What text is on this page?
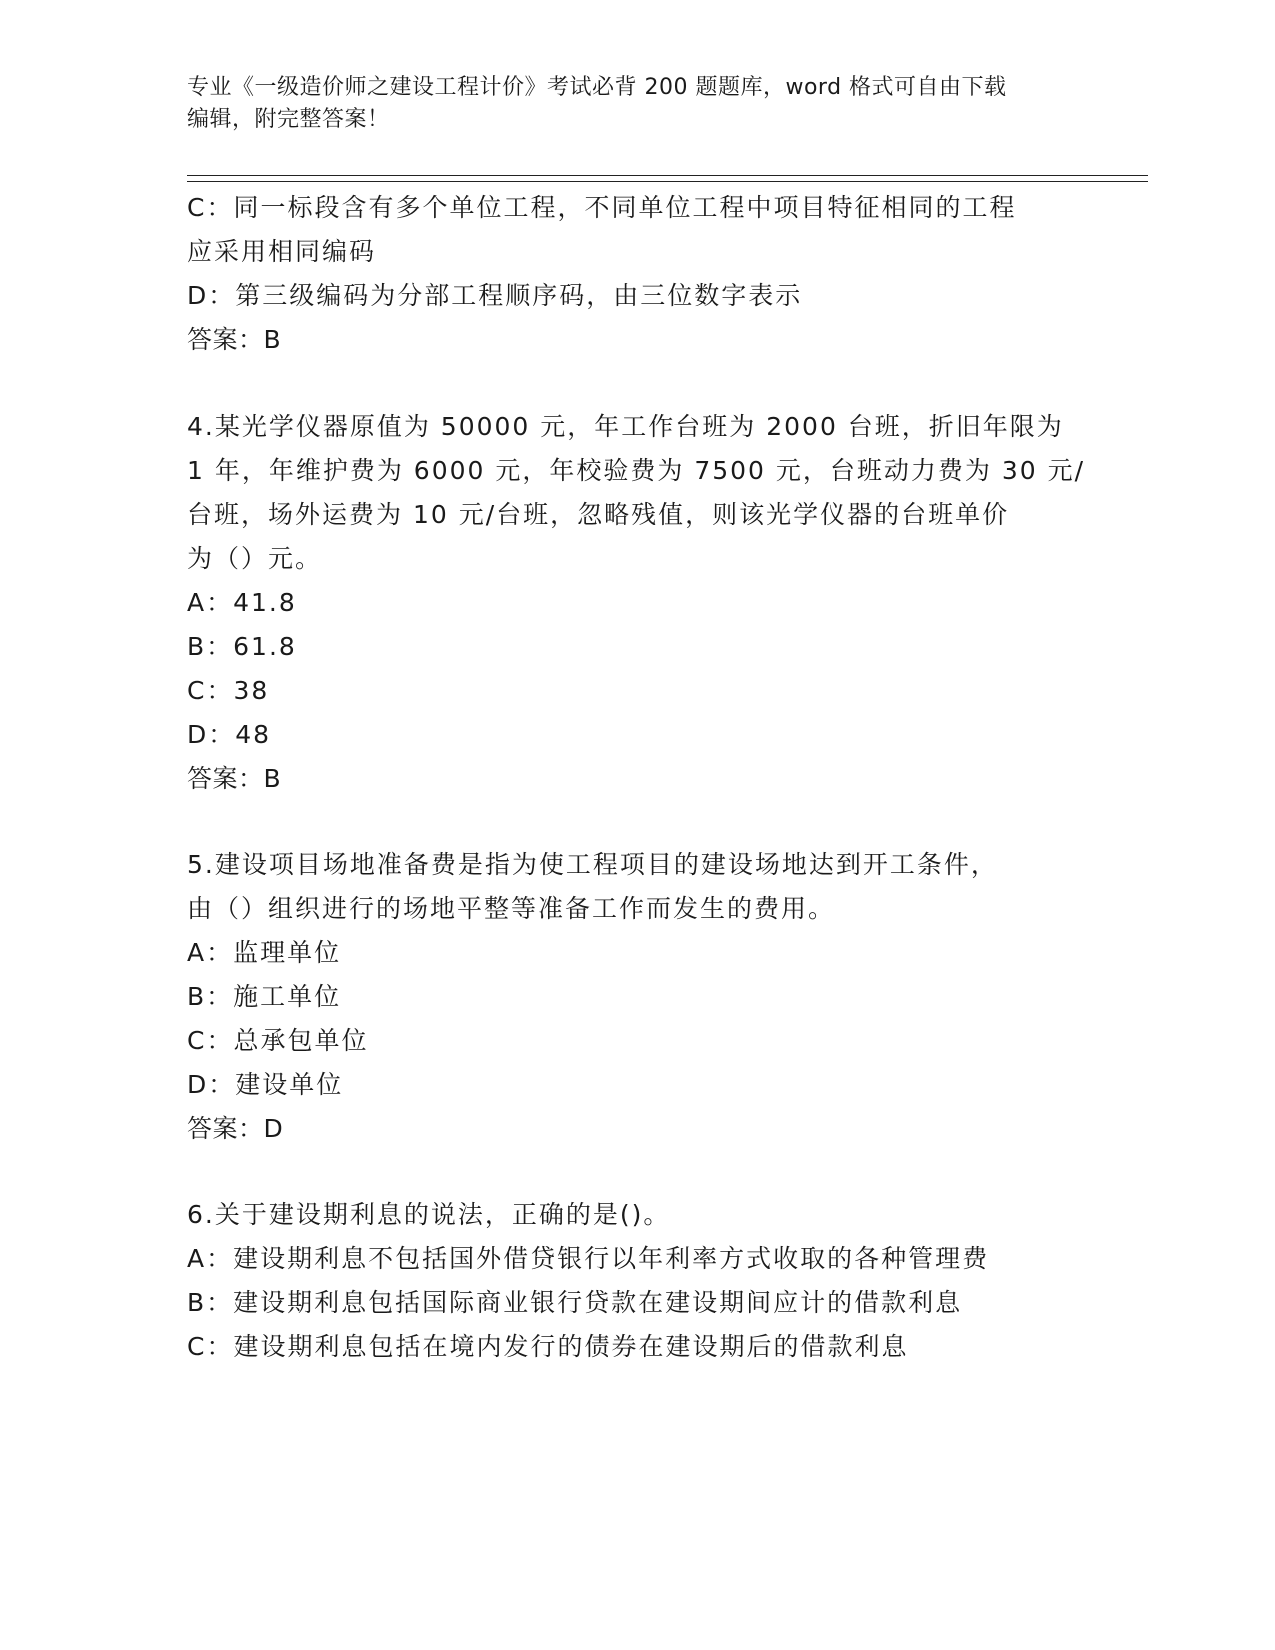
专业《一级造价师之建设工程计价》考试必背 200 题题库，word 格式可自由下载
编辑，附完整答案！
C：同一标段含有多个单位工程，不同单位工程中项目特征相同的工程
应采用相同编码
D：第三级编码为分部工程顺序码，由三位数字表示
答案：B
4.某光学仪器原值为 50000 元，年工作台班为 2000 台班，折旧年限为
1 年，年维护费为 6000 元，年校验费为 7500 元，台班动力费为 30 元/
台班，场外运费为 10 元/台班，忽略残值，则该光学仪器的台班单价
为（）元。
A：41.8
B：61.8
C：38
D：48
答案：B
5.建设项目场地准备费是指为使工程项目的建设场地达到开工条件，
由（）组织进行的场地平整等准备工作而发生的费用。
A：监理单位
B：施工单位
C：总承包单位
D：建设单位
答案：D
6.关于建设期利息的说法，正确的是()。
A：建设期利息不包括国外借贷银行以年利率方式收取的各种管理费
B：建设期利息包括国际商业银行贷款在建设期间应计的借款利息
C：建设期利息包括在境内发行的债券在建设期后的借款利息
